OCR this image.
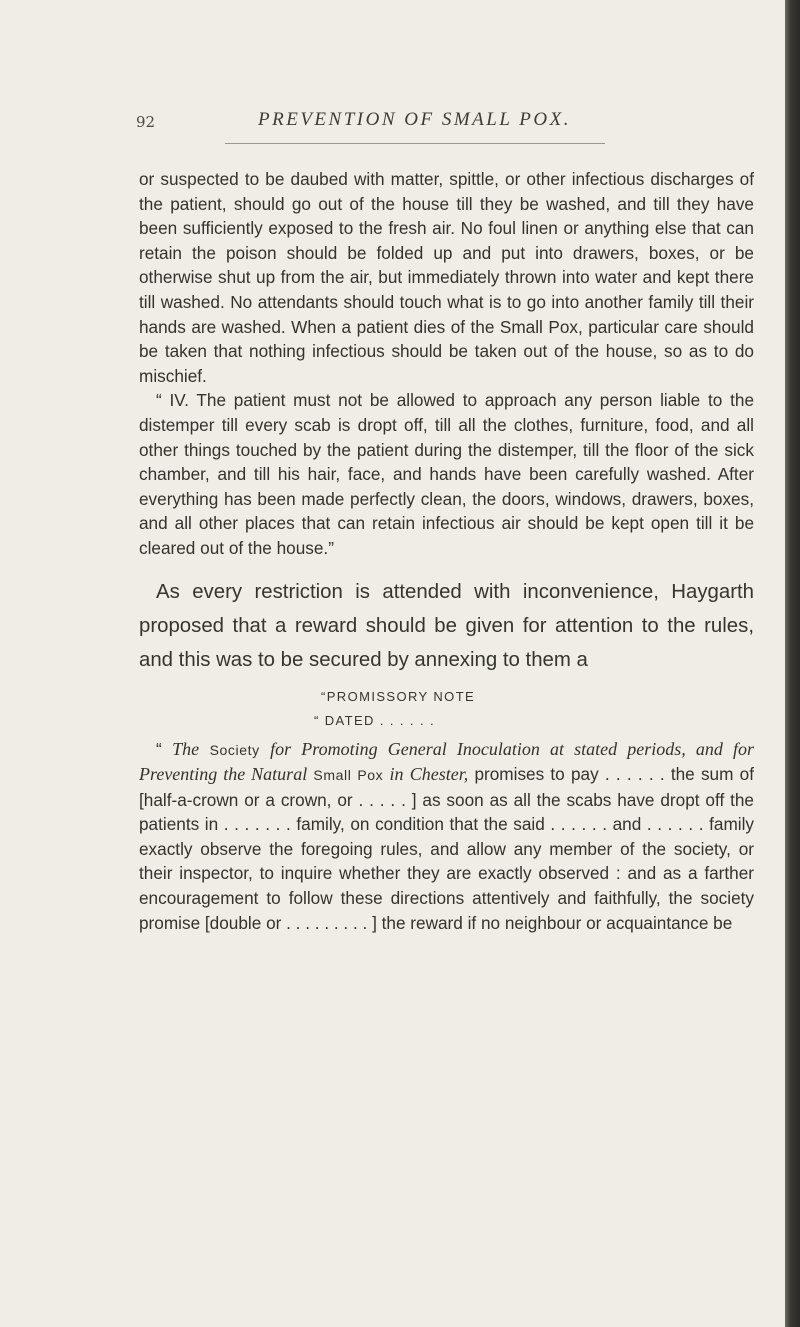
92	PREVENTION OF SMALL POX.

or suspected to be daubed with matter, spittle, or other infectious discharges of the patient, should go out of the house till they be washed, and till they have been sufficiently exposed to the fresh air. No foul linen or anything else that can retain the poison should be folded up and put into drawers, boxes, or be otherwise shut up from the air, but immediately thrown into water and kept there till washed. No attendants should touch what is to go into another family till their hands are washed. When a patient dies of the Small Pox, particular care should be taken that nothing infectious should be taken out of the house, so as to do mischief.

“ IV. The patient must not be allowed to approach any person liable to the distemper till every scab is dropt off, till all the clothes, furniture, food, and all other things touched by the patient during the distemper, till the floor of the sick chamber, and till his hair, face, and hands have been carefully washed. After everything has been made perfectly clean, the doors, windows, drawers, boxes, and all other places that can retain infectious air should be kept open till it be cleared out of the house.”

As every restriction is attended with inconvenience, Haygarth proposed that a reward should be given for attention to the rules, and this was to be secured by annexing to them a

“PROMISSORY NOTE

“ DATED . . . . . .

“ The Society for Promoting General Inoculation at stated periods, and for Preventing the Natural Small Pox in Chester, promises to pay . . . . . . the sum of [half-a-crown or a crown, or . . . . . ] as soon as all the scabs have dropt off the patients in . . . . . . . family, on condition that the said . . . . . . and . . . . . . family exactly observe the foregoing rules, and allow any member of the society, or their inspector, to inquire whether they are exactly observed : and as a farther encouragement to follow these directions attentively and faithfully, the society promise [double or . . . . . . . . . ] the reward if no neighbour or acquaintance be
